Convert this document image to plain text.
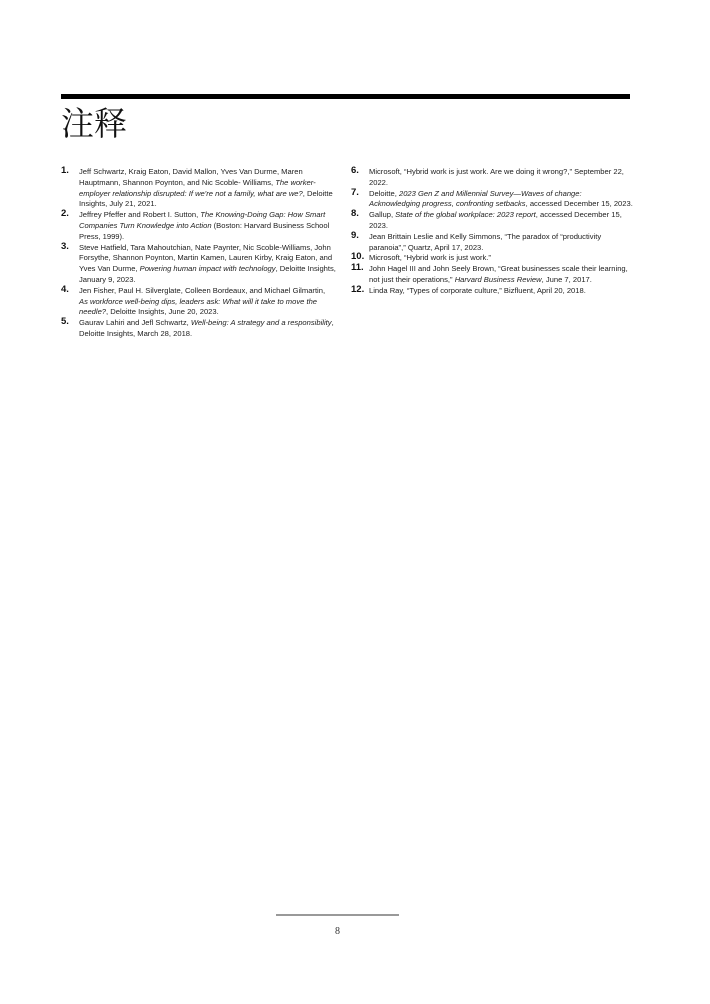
注释

1. Jeff Schwartz, Kraig Eaton, David Mallon, Yves Van Durme, Maren Hauptmann, Shannon Poynton, and Nic Scoble- Williams, The worker-employer relationship disrupted: If we're not a family, what are we?, Deloitte Insights, July 21, 2021.

2. Jeffrey Pfeffer and Robert I. Sutton, The Knowing-Doing Gap: How Smart Companies Turn Knowledge into Action (Boston: Harvard Business School Press, 1999).

3. Steve Hatfield, Tara Mahoutchian, Nate Paynter, Nic Scoble-Williams, John Forsythe, Shannon Poynton, Martin Kamen, Lauren Kirby, Kraig Eaton, and Yves Van Durme, Powering human impact with technology, Deloitte Insights, January 9, 2023.

4. Jen Fisher, Paul H. Silverglate, Colleen Bordeaux, and Michael Gilmartin, As workforce well-being dips, leaders ask: What will it take to move the needle?, Deloitte Insights, June 20, 2023.

5. Gaurav Lahiri and Jefl Schwartz, Well-being: A strategy and a responsibility, Deloitte Insights, March 28, 2018.

6. Microsoft, “Hybrid work is just work. Are we doing it wrong?,” September 22, 2022.

7. Deloitte, 2023 Gen Z and Millennial Survey—Waves of change: Acknowledging progress, confronting setbacks, accessed December 15, 2023.

8. Gallup, State of the global workplace: 2023 report, accessed December 15, 2023.

9. Jean Brittain Leslie and Kelly Simmons, “The paradox of “productivity paranoia”,” Quartz, April 17, 2023.

10. Microsoft, “Hybrid work is just work.”

11. John Hagel III and John Seely Brown, “Great businesses scale their learning, not just their operations,” Harvard Business Review, June 7, 2017.

12. Linda Ray, “Types of corporate culture,” Bizfluent, April 20, 2018.

8
